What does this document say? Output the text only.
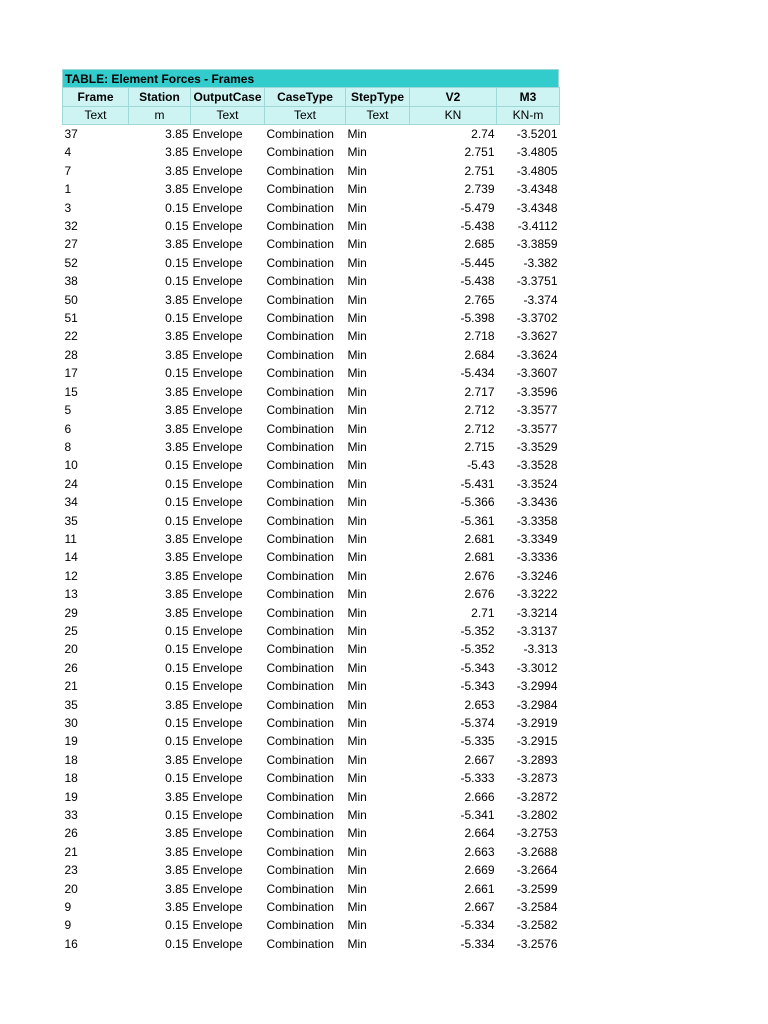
TABLE: Element Forces - Frames
Frame	Station	OutputCase	CaseType	StepType	V2	M3
Text	m	Text	Text	Text	KN	KN-m
37	3.85	Envelope	Combination	Min	2.74	-3.5201
4	3.85	Envelope	Combination	Min	2.751	-3.4805
7	3.85	Envelope	Combination	Min	2.751	-3.4805
1	3.85	Envelope	Combination	Min	2.739	-3.4348
3	0.15	Envelope	Combination	Min	-5.479	-3.4348
32	0.15	Envelope	Combination	Min	-5.438	-3.4112
27	3.85	Envelope	Combination	Min	2.685	-3.3859
52	0.15	Envelope	Combination	Min	-5.445	-3.382
38	0.15	Envelope	Combination	Min	-5.438	-3.3751
50	3.85	Envelope	Combination	Min	2.765	-3.374
51	0.15	Envelope	Combination	Min	-5.398	-3.3702
22	3.85	Envelope	Combination	Min	2.718	-3.3627
28	3.85	Envelope	Combination	Min	2.684	-3.3624
17	0.15	Envelope	Combination	Min	-5.434	-3.3607
15	3.85	Envelope	Combination	Min	2.717	-3.3596
5	3.85	Envelope	Combination	Min	2.712	-3.3577
6	3.85	Envelope	Combination	Min	2.712	-3.3577
8	3.85	Envelope	Combination	Min	2.715	-3.3529
10	0.15	Envelope	Combination	Min	-5.43	-3.3528
24	0.15	Envelope	Combination	Min	-5.431	-3.3524
34	0.15	Envelope	Combination	Min	-5.366	-3.3436
35	0.15	Envelope	Combination	Min	-5.361	-3.3358
11	3.85	Envelope	Combination	Min	2.681	-3.3349
14	3.85	Envelope	Combination	Min	2.681	-3.3336
12	3.85	Envelope	Combination	Min	2.676	-3.3246
13	3.85	Envelope	Combination	Min	2.676	-3.3222
29	3.85	Envelope	Combination	Min	2.71	-3.3214
25	0.15	Envelope	Combination	Min	-5.352	-3.3137
20	0.15	Envelope	Combination	Min	-5.352	-3.313
26	0.15	Envelope	Combination	Min	-5.343	-3.3012
21	0.15	Envelope	Combination	Min	-5.343	-3.2994
35	3.85	Envelope	Combination	Min	2.653	-3.2984
30	0.15	Envelope	Combination	Min	-5.374	-3.2919
19	0.15	Envelope	Combination	Min	-5.335	-3.2915
18	3.85	Envelope	Combination	Min	2.667	-3.2893
18	0.15	Envelope	Combination	Min	-5.333	-3.2873
19	3.85	Envelope	Combination	Min	2.666	-3.2872
33	0.15	Envelope	Combination	Min	-5.341	-3.2802
26	3.85	Envelope	Combination	Min	2.664	-3.2753
21	3.85	Envelope	Combination	Min	2.663	-3.2688
23	3.85	Envelope	Combination	Min	2.669	-3.2664
20	3.85	Envelope	Combination	Min	2.661	-3.2599
9	3.85	Envelope	Combination	Min	2.667	-3.2584
9	0.15	Envelope	Combination	Min	-5.334	-3.2582
16	0.15	Envelope	Combination	Min	-5.334	-3.2576
